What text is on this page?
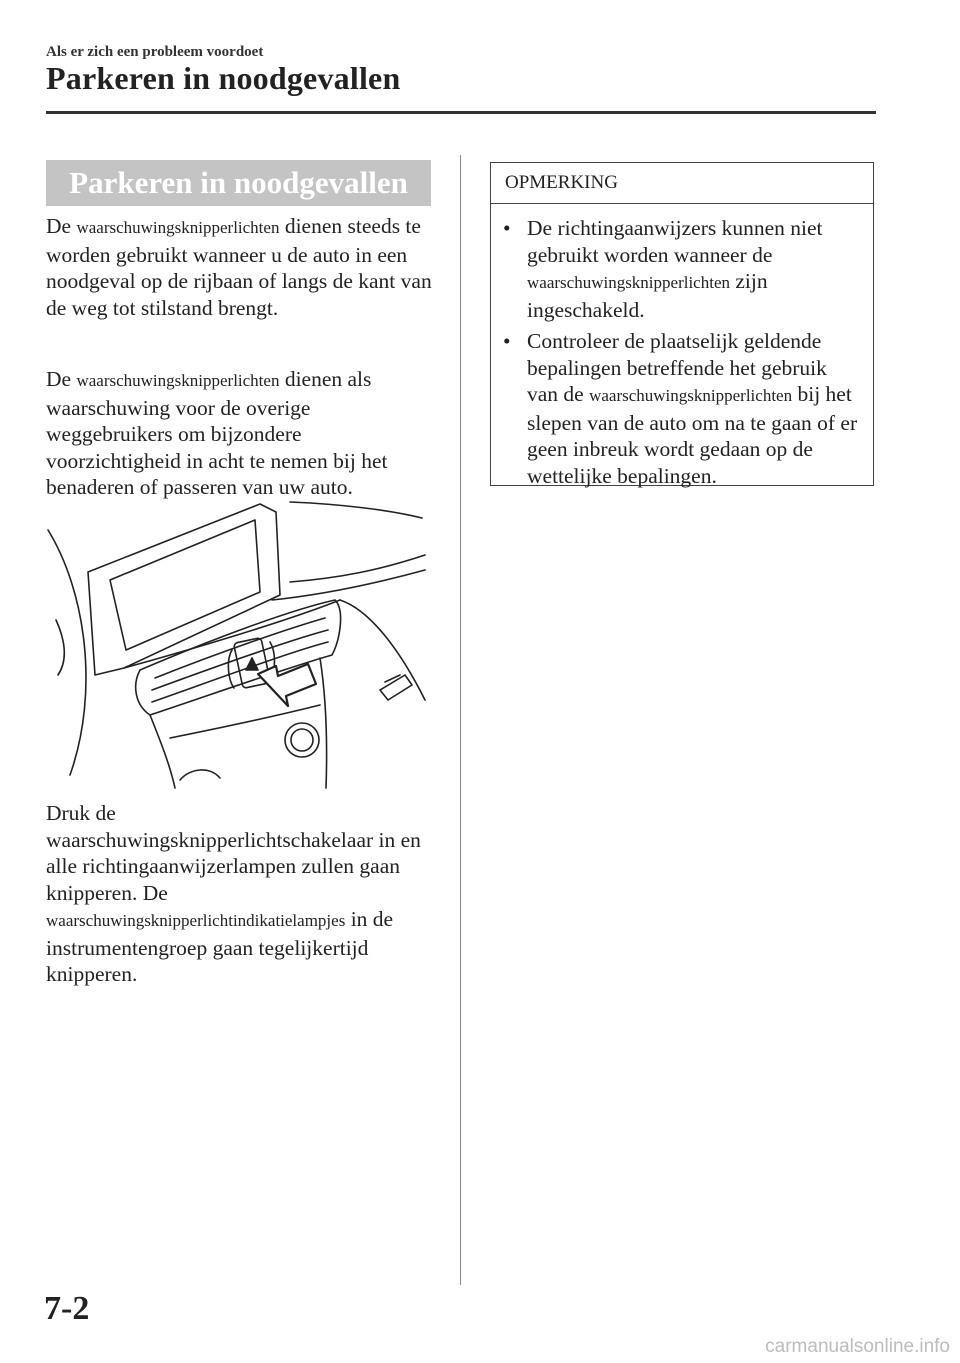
Als er zich een probleem voordoet
Parkeren in noodgevallen
Parkeren in noodgevallen
De waarschuwingsknipperlichten dienen steeds te worden gebruikt wanneer u de auto in een noodgeval op de rijbaan of langs de kant van de weg tot stilstand brengt.
De waarschuwingsknipperlichten dienen als waarschuwing voor de overige weggebruikers om bijzondere voorzichtigheid in acht te nemen bij het benaderen of passeren van uw auto.
Druk de waarschuwingsknipperlichtschakelaar in en alle richtingaanwijzerlampen zullen gaan knipperen. De waarschuwingsknipperlichtindikatielampjes in de instrumentengroep gaan tegelijkertijd knipperen.
OPMERKING
• De richtingaanwijzers kunnen niet gebruikt worden wanneer de waarschuwingsknipperlichten zijn ingeschakeld.
• Controleer de plaatselijk geldende bepalingen betreffende het gebruik van de waarschuwingsknipperlichten bij het slepen van de auto om na te gaan of er geen inbreuk wordt gedaan op de wettelijke bepalingen.
7-2
carmanualsonline.info
